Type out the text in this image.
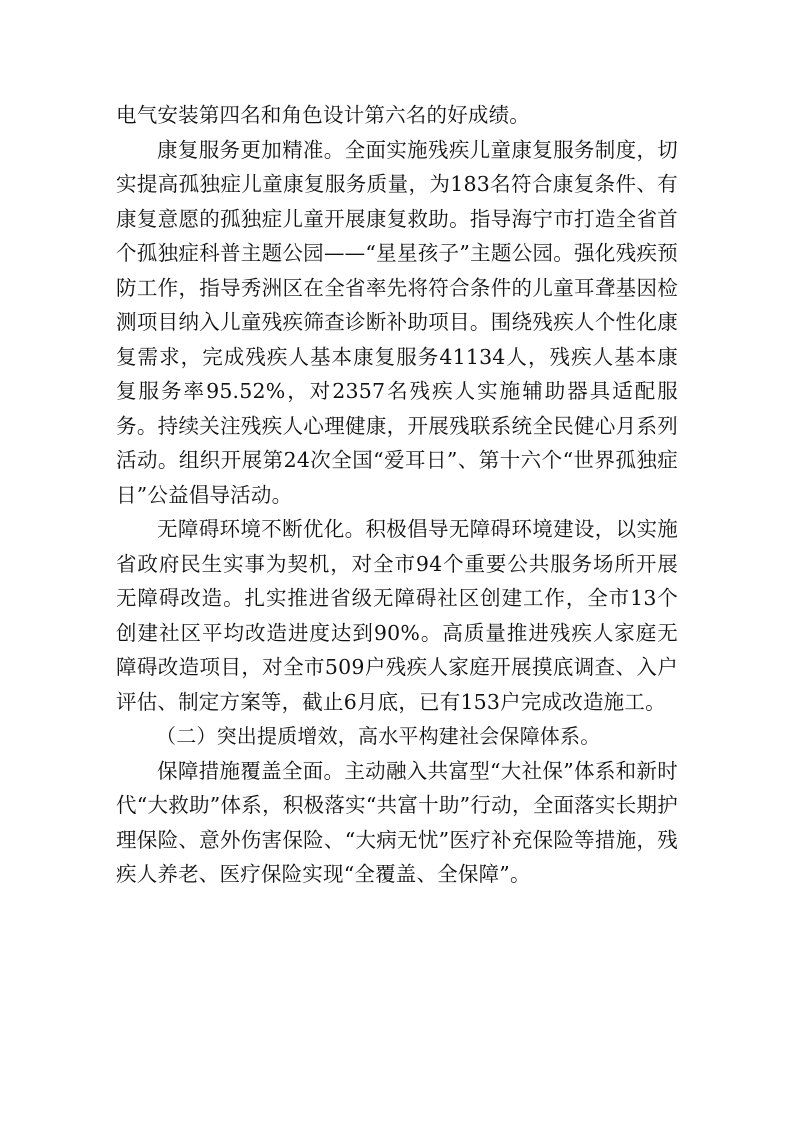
电气安装第四名和角色设计第六名的好成绩。

康复服务更加精准。全面实施残疾儿童康复服务制度，切实提高孤独症儿童康复服务质量，为183名符合康复条件、有康复意愿的孤独症儿童开展康复救助。指导海宁市打造全省首个孤独症科普主题公园——“星星孩子”主题公园。强化残疾预防工作，指导秀洲区在全省率先将符合条件的儿童耳聋基因检测项目纳入儿童残疾筛查诊断补助项目。围绕残疾人个性化康复需求，完成残疾人基本康复服务41134人，残疾人基本康复服务率95.52%，对2357名残疾人实施辅助器具适配服务。持续关注残疾人心理健康，开展残联系统全民健心月系列活动。组织开展第24次全国“爱耳日”、第十六个“世界孤独症日”公益倡导活动。

无障碍环境不断优化。积极倡导无障碍环境建设，以实施省政府民生实事为契机，对全市94个重要公共服务场所开展无障碍改造。扎实推进省级无障碍社区创建工作，全市13个创建社区平均改造进度达到90%。高质量推进残疾人家庭无障碍改造项目，对全市509户残疾人家庭开展摸底调查、入户评估、制定方案等，截止6月底，已有153户完成改造施工。

（二）突出提质增效，高水平构建社会保障体系。

保障措施覆盖全面。主动融入共富型“大社保”体系和新时代“大救助”体系，积极落实“共富十助”行动，全面落实长期护理保险、意外伤害保险、“大病无忧”医疗补充保险等措施，残疾人养老、医疗保险实现“全覆盖、全保障”。
